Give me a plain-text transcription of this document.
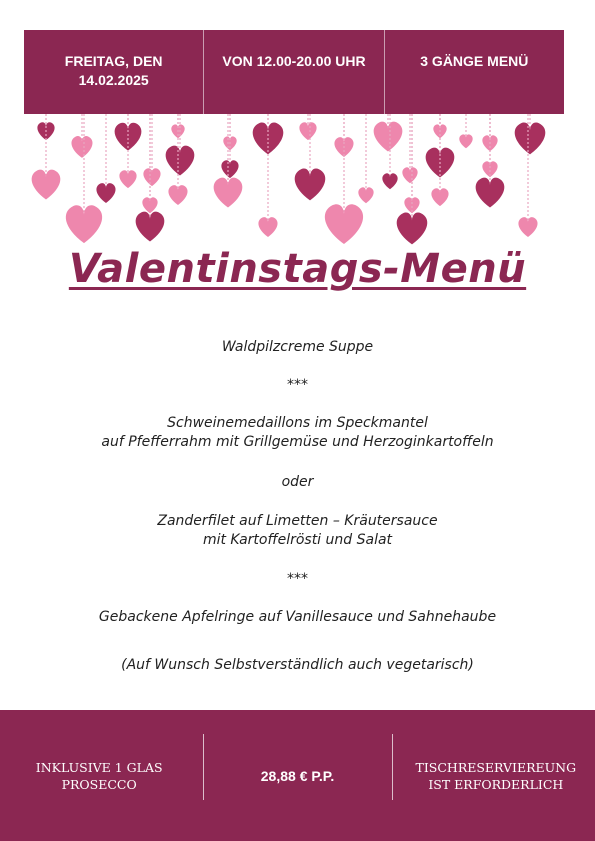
FREITAG, DEN
14.02.2025
VON 12.00-20.00 UHR	3 GÄNGE MENÜ
Valentinstags-Menü
Waldpilzcreme Suppe
***
Schweinemedaillons im Speckmantel
auf Pfefferrahm mit Grillgemüse und Herzoginkartoffeln
oder
Zanderfilet auf Limetten – Kräutersauce
mit Kartoffelrösti und Salat
***
Gebackene Apfelringe auf Vanillesauce und Sahnehaube
(Auf Wunsch Selbstverständlich auch vegetarisch)
INKLUSIVE 1 GLAS
PROSECCO
28,88 € P.P.
TISCHRESERVIEREUNG
IST ERFORDERLICH
